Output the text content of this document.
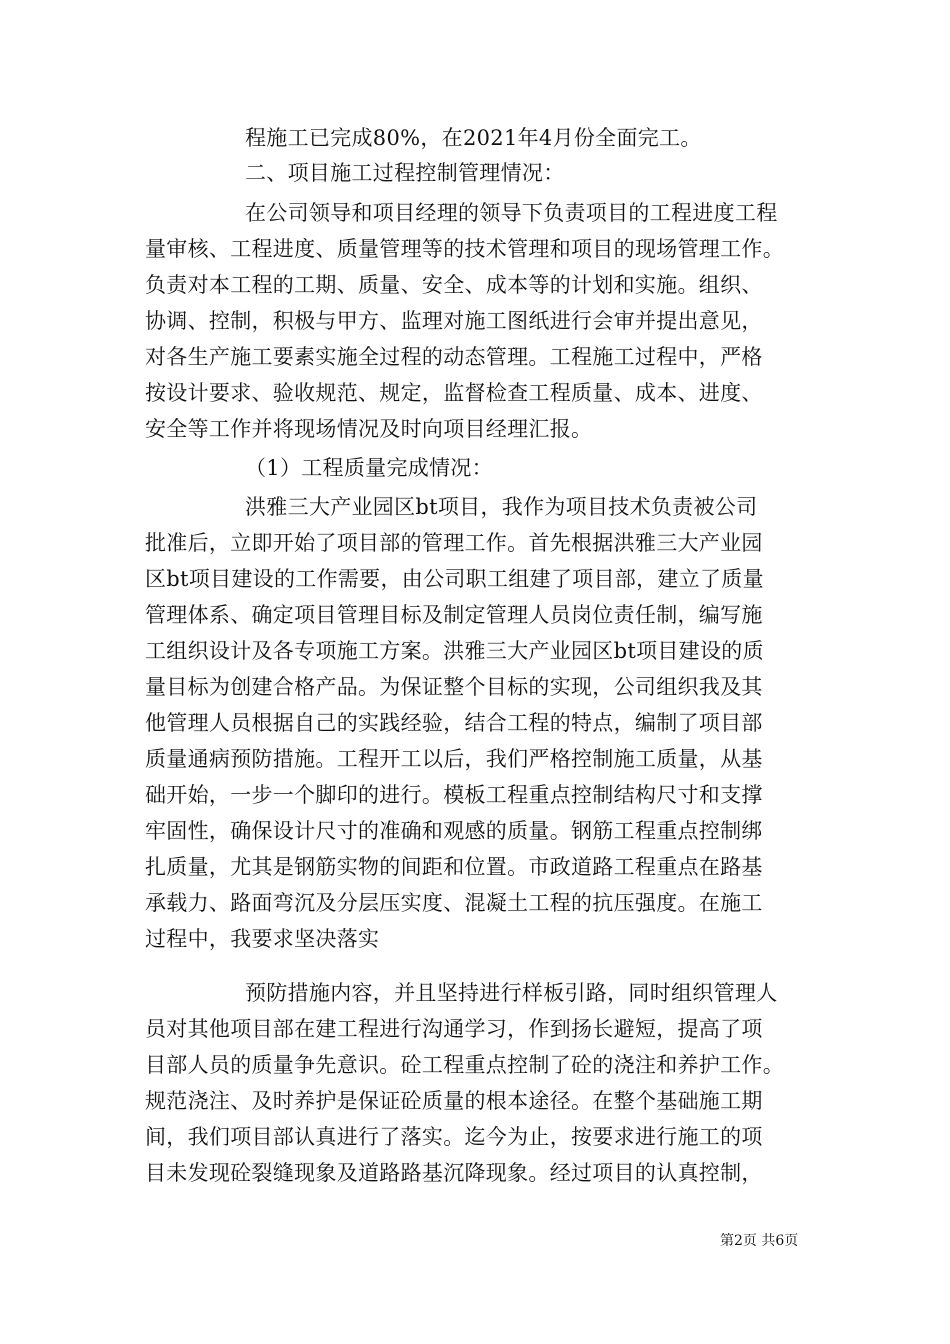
程施工已完成80%，在2021年4月份全面完工。
二、项目施工过程控制管理情况：
在公司领导和项目经理的领导下负责项目的工程进度工程
量审核、工程进度、质量管理等的技术管理和项目的现场管理工作。
负责对本工程的工期、质量、安全、成本等的计划和实施。组织、
协调、控制，积极与甲方、监理对施工图纸进行会审并提出意见，
对各生产施工要素实施全过程的动态管理。工程施工过程中，严格
按设计要求、验收规范、规定，监督检查工程质量、成本、进度、
安全等工作并将现场情况及时向项目经理汇报。
（1）工程质量完成情况：
洪雅三大产业园区bt项目，我作为项目技术负责被公司
批准后，立即开始了项目部的管理工作。首先根据洪雅三大产业园
区bt项目建设的工作需要，由公司职工组建了项目部，建立了质量
管理体系、确定项目管理目标及制定管理人员岗位责任制，编写施
工组织设计及各专项施工方案。洪雅三大产业园区bt项目建设的质
量目标为创建合格产品。为保证整个目标的实现，公司组织我及其
他管理人员根据自己的实践经验，结合工程的特点，编制了项目部
质量通病预防措施。工程开工以后，我们严格控制施工质量，从基
础开始，一步一个脚印的进行。模板工程重点控制结构尺寸和支撑
牢固性，确保设计尺寸的准确和观感的质量。钢筋工程重点控制绑
扎质量，尤其是钢筋实物的间距和位置。市政道路工程重点在路基
承载力、路面弯沉及分层压实度、混凝土工程的抗压强度。在施工
过程中，我要求坚决落实
预防措施内容，并且坚持进行样板引路，同时组织管理人
员对其他项目部在建工程进行沟通学习，作到扬长避短，提高了项
目部人员的质量争先意识。砼工程重点控制了砼的浇注和养护工作。
规范浇注、及时养护是保证砼质量的根本途径。在整个基础施工期
间，我们项目部认真进行了落实。迄今为止，按要求进行施工的项
目未发现砼裂缝现象及道路路基沉降现象。经过项目的认真控制，
第2页 共6页
